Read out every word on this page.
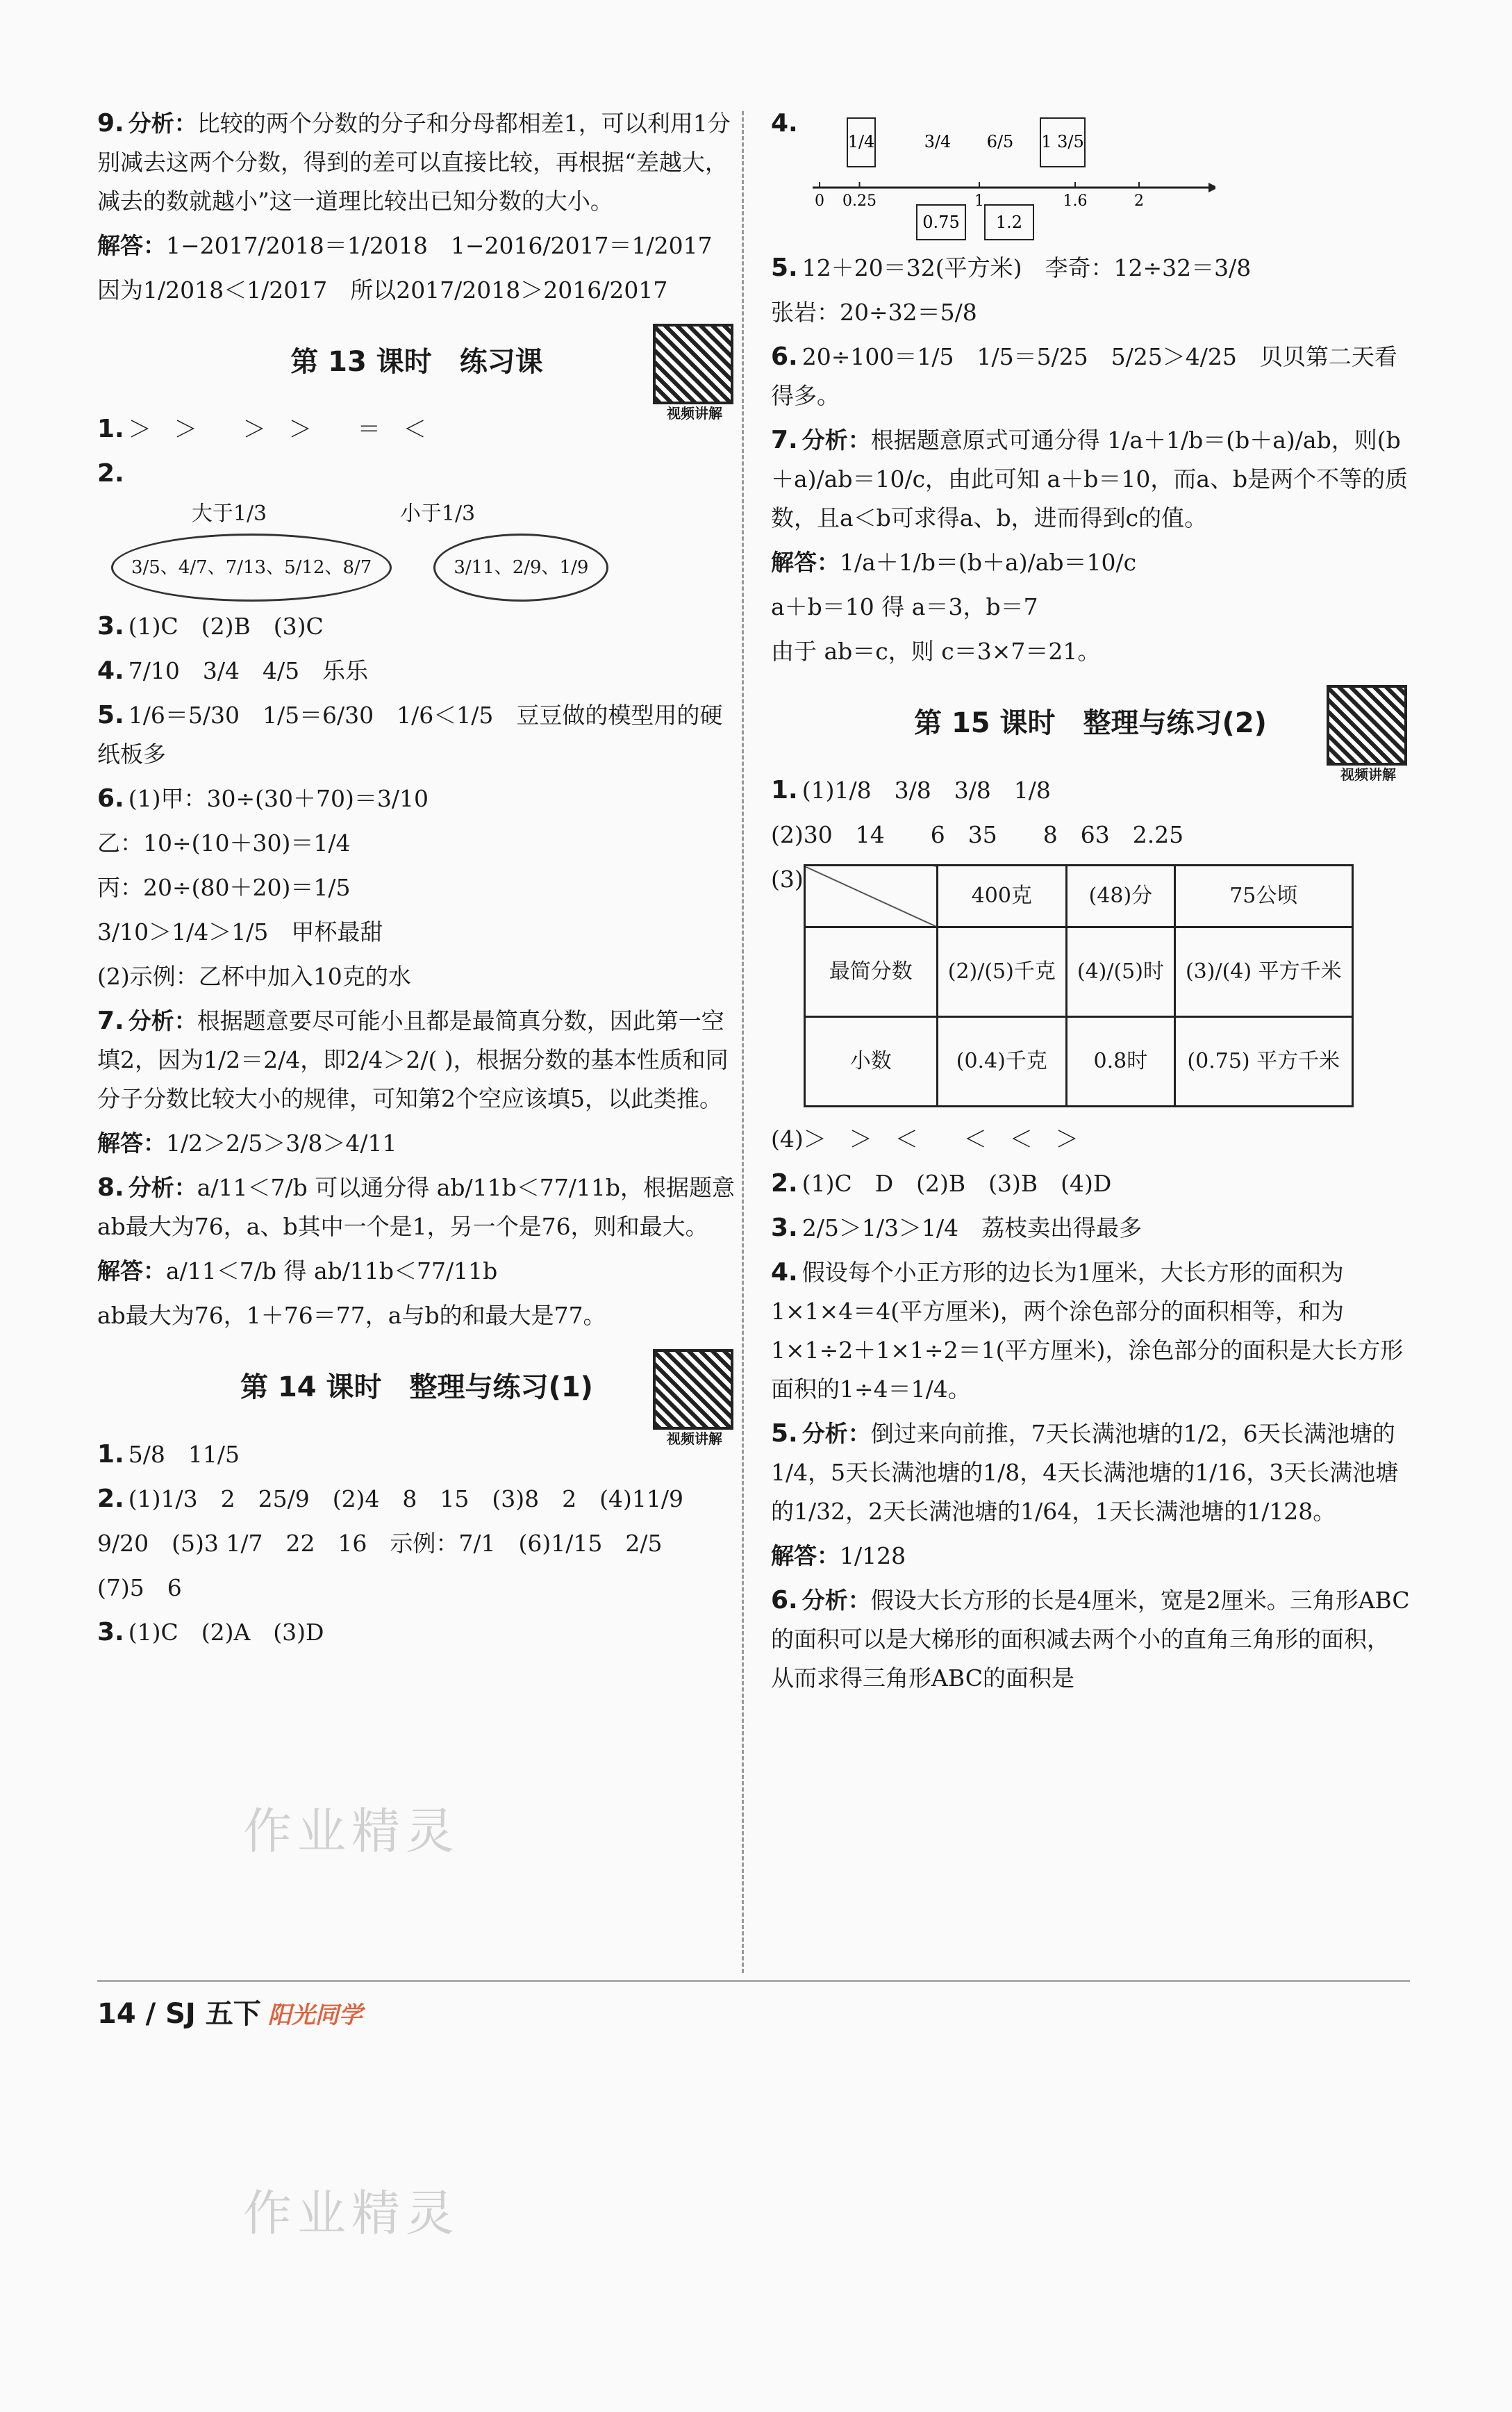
9. 分析：比较的两个分数的分子和分母都相差1，可以利用1分别减去这两个分数，得到的差可以直接比较，再根据“差越大，减去的数就越小”这一道理比较出已知分数的大小。
解答：1−2017/2018＝1/2018　1−2016/2017＝1/2017
因为1/2018＜1/2017　所以2017/2018＞2016/2017
第 13 课时　练习课
视频讲解
1. ＞　＞　　＞　＞　　＝　＜
2.
大于1/3	小于1/3
3/5、4/7、7/13、5/12、8/7	3/11、2/9、1/9
3. (1)C　(2)B　(3)C
4. 7/10　3/4　4/5　乐乐
5. 1/6＝5/30　1/5＝6/30　1/6＜1/5　豆豆做的模型用的硬纸板多
6. (1)甲：30÷(30＋70)＝3/10
乙：10÷(10＋30)＝1/4
丙：20÷(80＋20)＝1/5
3/10＞1/4＞1/5　甲杯最甜
(2)示例：乙杯中加入10克的水
7. 分析：根据题意要尽可能小且都是最简真分数，因此第一空填2，因为1/2＝2/4，即2/4＞2/( )，根据分数的基本性质和同分子分数比较大小的规律，可知第2个空应该填5，以此类推。
解答：1/2＞2/5＞3/8＞4/11
8. 分析：a/11＜7/b 可以通分得 ab/11b＜77/11b，根据题意ab最大为76，a、b其中一个是1，另一个是76，则和最大。
解答：a/11＜7/b 得 ab/11b＜77/11b
ab最大为76，1＋76＝77，a与b的和最大是77。
第 14 课时　整理与练习(1)
视频讲解
1. 5/8　11/5
2. (1)1/3　2　25/9　(2)4　8　15　(3)8　2　(4)11/9
9/20　(5)3 1/7　22　16　示例：7/1　(6)1/15　2/5
(7)5　6
3. (1)C　(2)A　(3)D
4.
0 0.25	1	1.6	2
1/4	3/4 6/5 1 3/5
0.75 1.2
5. 12＋20＝32(平方米)　李奇：12÷32＝3/8
张岩：20÷32＝5/8
6. 20÷100＝1/5　1/5＝5/25　5/25＞4/25　贝贝第二天看得多。
7. 分析：根据题意原式可通分得 1/a＋1/b＝(b＋a)/ab，则(b＋a)/ab＝10/c，由此可知 a＋b＝10，而a、b是两个不等的质数，且a＜b可求得a、b，进而得到c的值。
解答：1/a＋1/b＝(b＋a)/ab＝10/c
a＋b＝10 得 a＝3，b＝7
由于 ab＝c，则 c＝3×7＝21。
第 15 课时　整理与练习(2)
视频讲解
1. (1)1/8　3/8　3/8　1/8
(2)30　14　　6　35　　8　63　2.25
(3)
	400克	(48)分	75公顷
最简分数	(2)/(5)千克	(4)/(5)时	(3)/(4) 平方千米
小数	(0.4)千克	0.8时	(0.75) 平方千米
(4)＞　＞　＜　　＜　＜　＞
2. (1)C　D　(2)B　(3)B　(4)D
3. 2/5＞1/3＞1/4　荔枝卖出得最多
4. 假设每个小正方形的边长为1厘米，大长方形的面积为1×1×4＝4(平方厘米)，两个涂色部分的面积相等，和为1×1÷2＋1×1÷2＝1(平方厘米)，涂色部分的面积是大长方形面积的1÷4＝1/4。
5. 分析：倒过来向前推，7天长满池塘的1/2，6天长满池塘的1/4，5天长满池塘的1/8，4天长满池塘的1/16，3天长满池塘的1/32，2天长满池塘的1/64，1天长满池塘的1/128。
解答：1/128
6. 分析：假设大长方形的长是4厘米，宽是2厘米。三角形ABC的面积可以是大梯形的面积减去两个小的直角三角形的面积，从而求得三角形ABC的面积是
14 / SJ 五下 阳光同学
作业精灵
作业精灵
